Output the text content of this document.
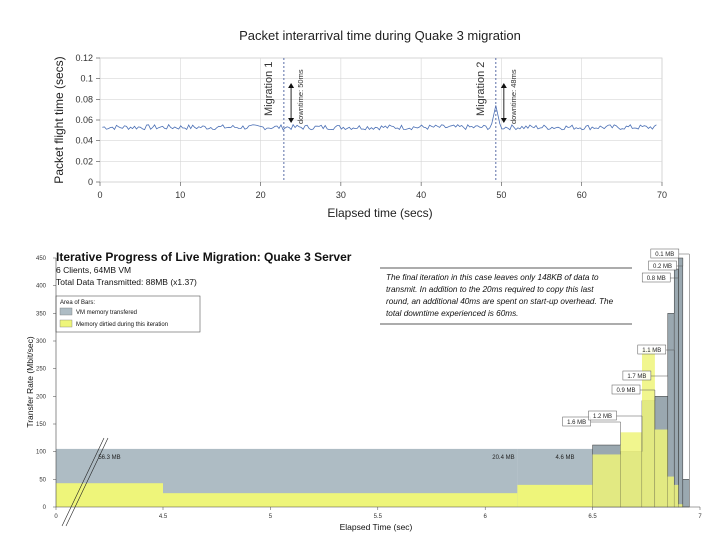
Packet interarrival time during Quake 3 migration
0
0.02
0.04
0.06
0.08
0.1
0.12
0	10	20	30	40	50	60	70
Migration 1	downtime: 50ms	Migration 2	downtime: 48ms
Elapsed time (secs)
Packet flight time (secs)
Iterative Progress of Live Migration: Quake 3 Server
6 Clients, 64MB VM
Total Data Transmitted: 88MB (x1.37)
Area of Bars:
VM memory transfered
Memory dirtied during this iteration
The final iteration in this case leaves only 148KB of data to
transmit. In addition to the 20ms required to copy this last
round, an additional 40ms are spent on start-up overhead. The
total downtime experienced is 60ms.
0
50
100
150
200
250
300
350
400
450
0	4.5	5	5.5	6	6.5	7
56.3 MB	20.4 MB	4.6 MB
1.6 MB
1.2 MB
0.9 MB
1.7 MB
1.1 MB
0.8 MB
0.2 MB
0.1 MB
Elapsed Time (sec)
Transfer Rate (Mbit/sec)
